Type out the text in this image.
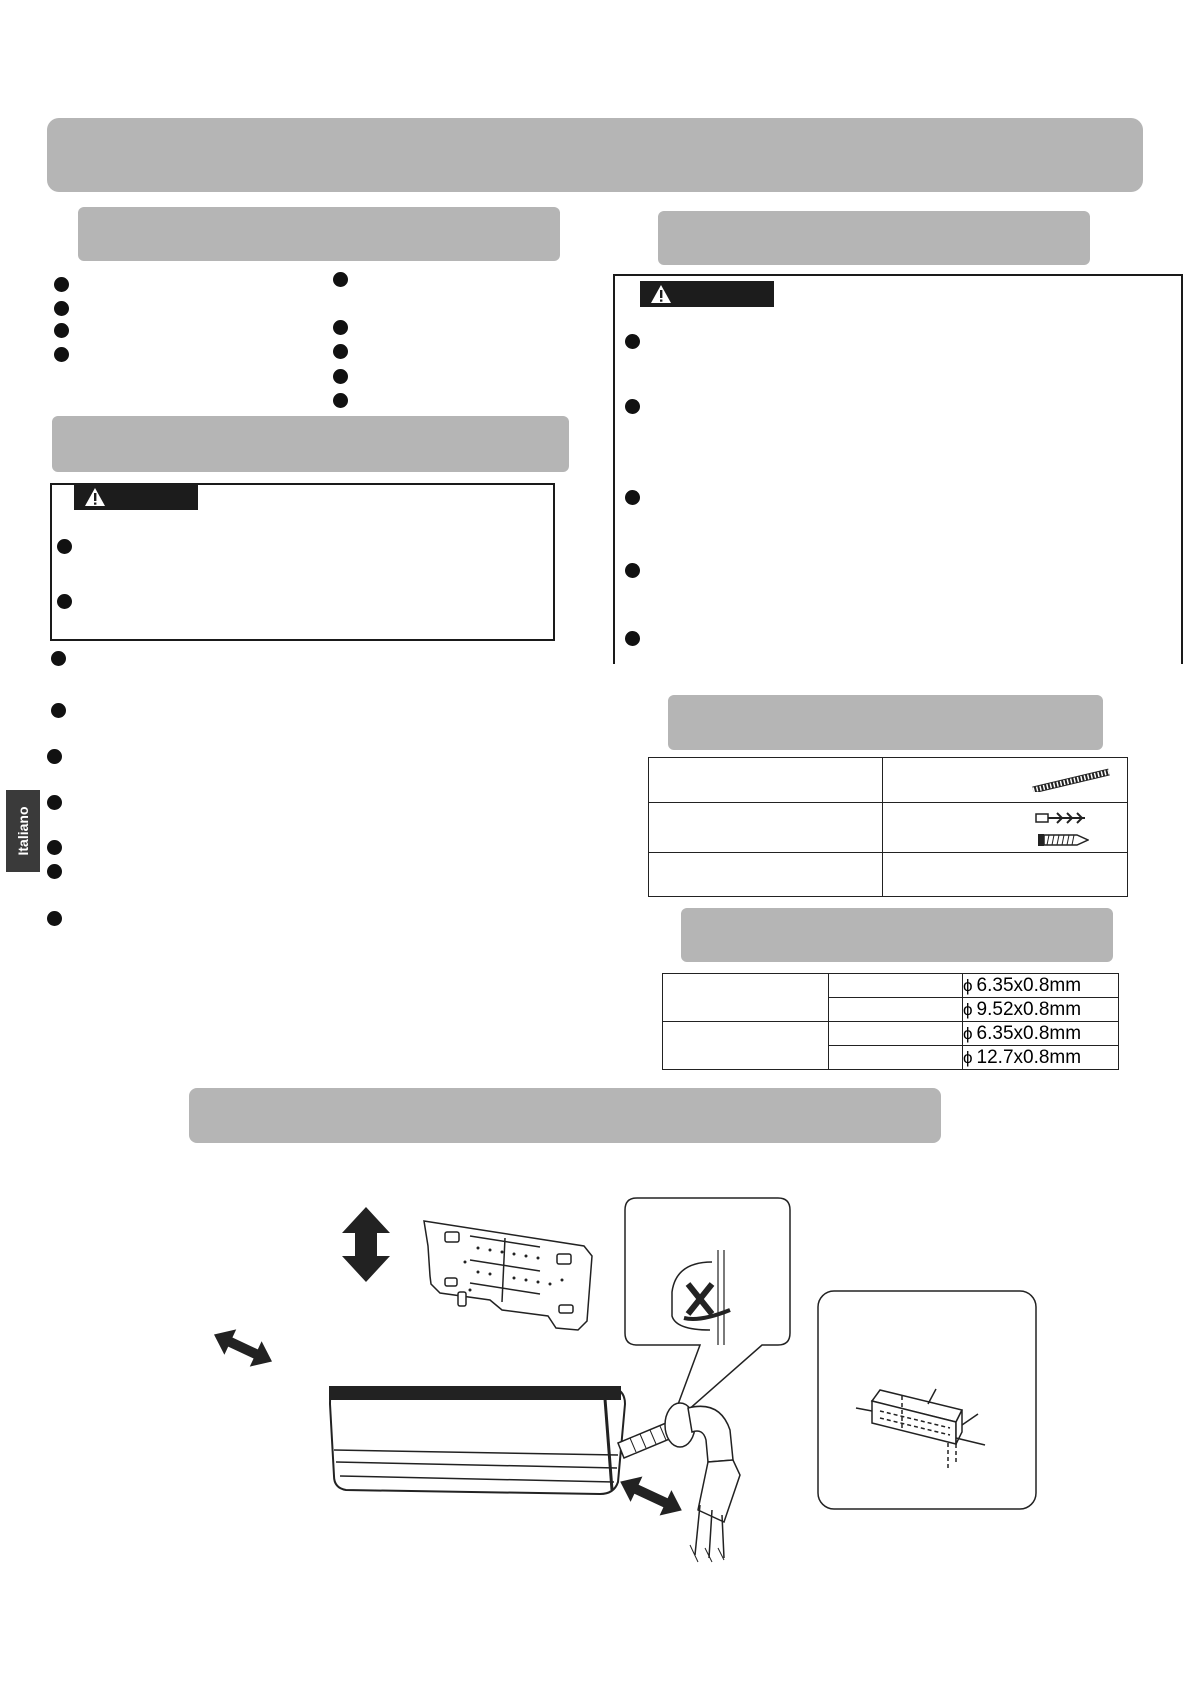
Italiano

		ϕ 6.35x0.8mm
		ϕ 9.52x0.8mm
		ϕ 6.35x0.8mm
		ϕ 12.7x0.8mm
